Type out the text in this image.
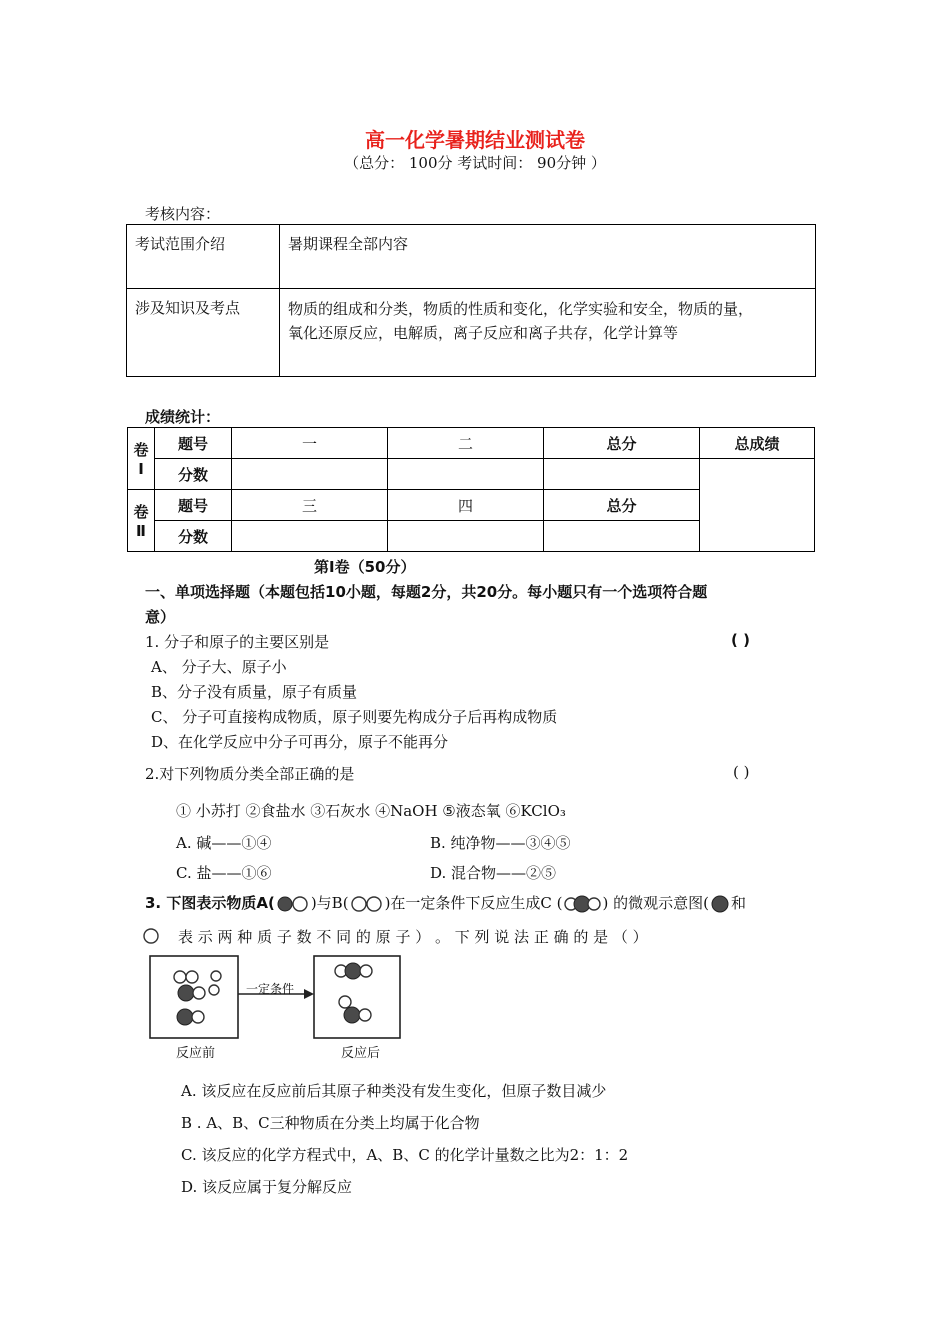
高一化学暑期结业测试卷
（总分： 100分 考试时间： 90分钟 ）
考核内容：
考试范围介绍	暑期课程全部内容
涉及知识及考点	物质的组成和分类，物质的性质和变化，化学实验和安全，物质的量，
氧化还原反应，电解质，离子反应和离子共存，化学计算等
成绩统计：
卷
Ⅰ	题号	一	二	总分	总成绩
	分数				

卷
Ⅱ	题号	三	四	总分	
	分数				
第Ⅰ卷（50分）
一、单项选择题（本题包括10小题，每题2分，共20分。每小题只有一个选项符合题
意）
1. 分子和原子的主要区别是	( )
A、 分子大、原子小
B、分子没有质量，原子有质量
C、 分子可直接构成物质，原子则要先构成分子后再构成物质
D、在化学反应中分子可再分，原子不能再分
2.对下列物质分类全部正确的是	( )
① 小苏打 ②食盐水 ③石灰水 ④NaOH ⑤液态氧 ⑥KClO₃
A. 碱——①④	B. 纯净物——③④⑤
C. 盐——①⑥	D. 混合物——②⑤
3. 下图表示物质A( )与B( )在一定条件下反应生成C (	) 的微观示意图( 和
表 示 两 种 质 子 数 不 同 的 原 子 ） 。 下 列 说 法 正 确 的 是 （ ）
一定条件
反应前	反应后
A. 该反应在反应前后其原子种类没有发生变化，但原子数目减少
B . A、B、C三种物质在分类上均属于化合物
C. 该反应的化学方程式中，A、B、C 的化学计量数之比为2：1：2
D. 该反应属于复分解反应
